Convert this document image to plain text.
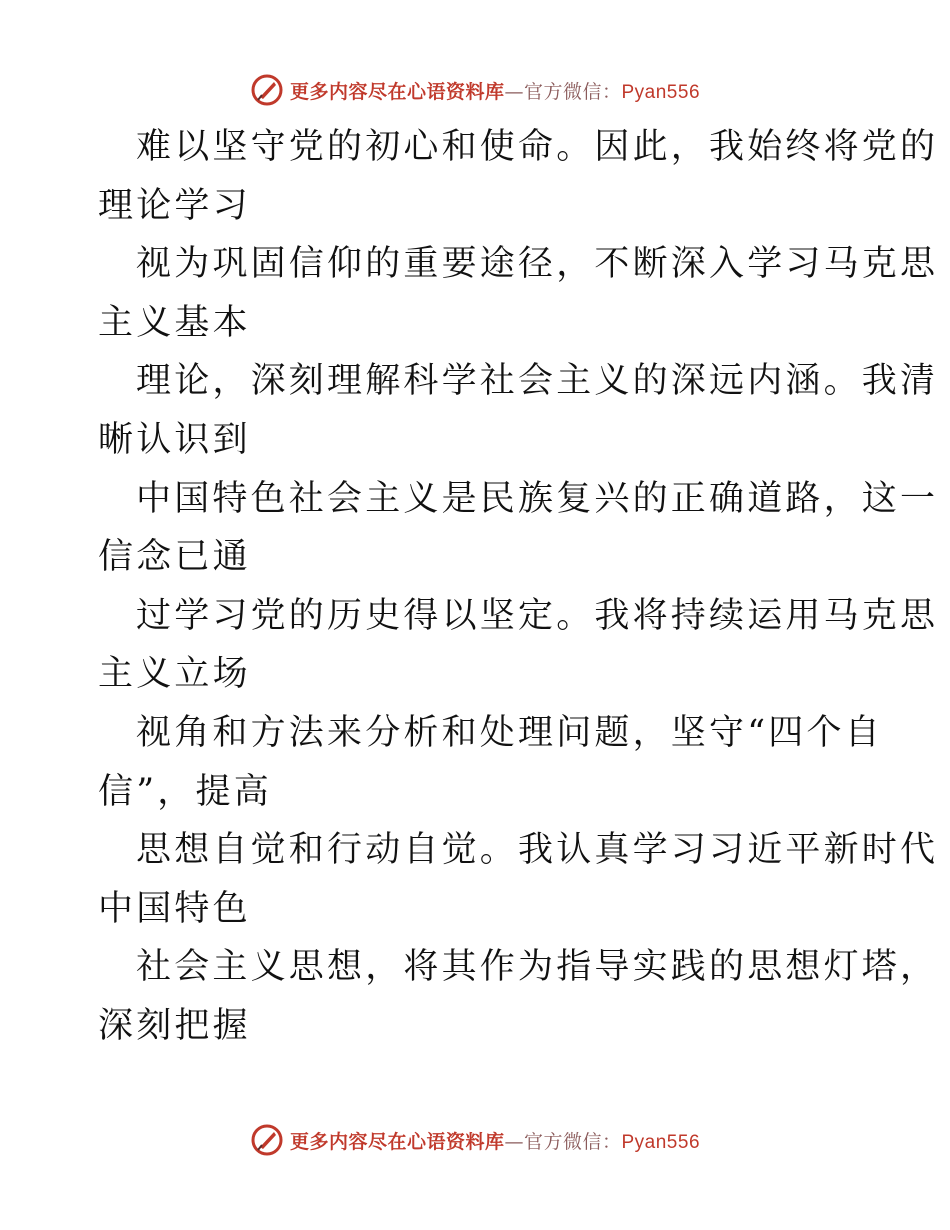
更多内容尽在心语资料库—官方微信：Pyan556

难以坚守党的初心和使命。因此，我始终将党的

理论学习

视为巩固信仰的重要途径，不断深入学习马克思

主义基本

理论，深刻理解科学社会主义的深远内涵。我清

晰认识到

中国特色社会主义是民族复兴的正确道路，这一

信念已通

过学习党的历史得以坚定。我将持续运用马克思

主义立场

视角和方法来分析和处理问题，坚守“四个自

信”，提高

思想自觉和行动自觉。我认真学习习近平新时代

中国特色

社会主义思想，将其作为指导实践的思想灯塔，

深刻把握

更多内容尽在心语资料库—官方微信：Pyan556
